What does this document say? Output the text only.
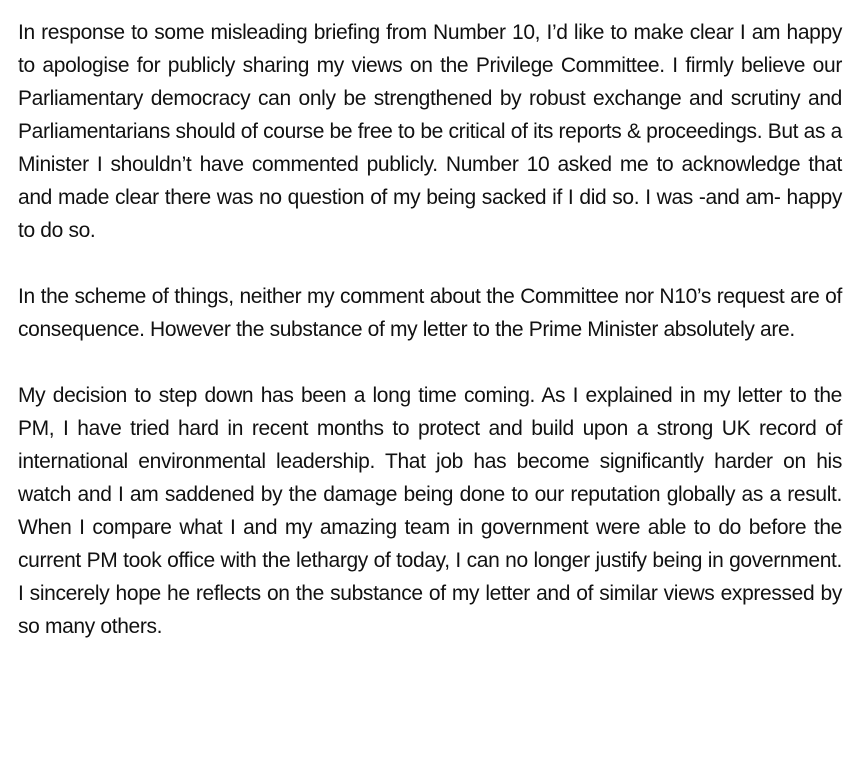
In response to some misleading briefing from Number 10, I’d like to make clear I am happy to apologise for publicly sharing my views on the Privilege Committee. I firmly believe our Parliamentary democracy can only be strengthened by robust exchange and scrutiny and Parliamentarians should of course be free to be critical of its reports & proceedings. But as a Minister I shouldn’t have commented publicly. Number 10 asked me to acknowledge that and made clear there was no question of my being sacked if I did so. I was -and am- happy to do so.

In the scheme of things, neither my comment about the Committee nor N10’s request are of consequence. However the substance of my letter to the Prime Minister absolutely are.

My decision to step down has been a long time coming. As I explained in my letter to the PM, I have tried hard in recent months to protect and build upon a strong UK record of international environmental leadership. That job has become significantly harder on his watch and I am saddened by the damage being done to our reputation globally as a result. When I compare what I and my amazing team in government were able to do before the current PM took office with the lethargy of today, I can no longer justify being in government. I sincerely hope he reflects on the substance of my letter and of similar views expressed by so many others.
